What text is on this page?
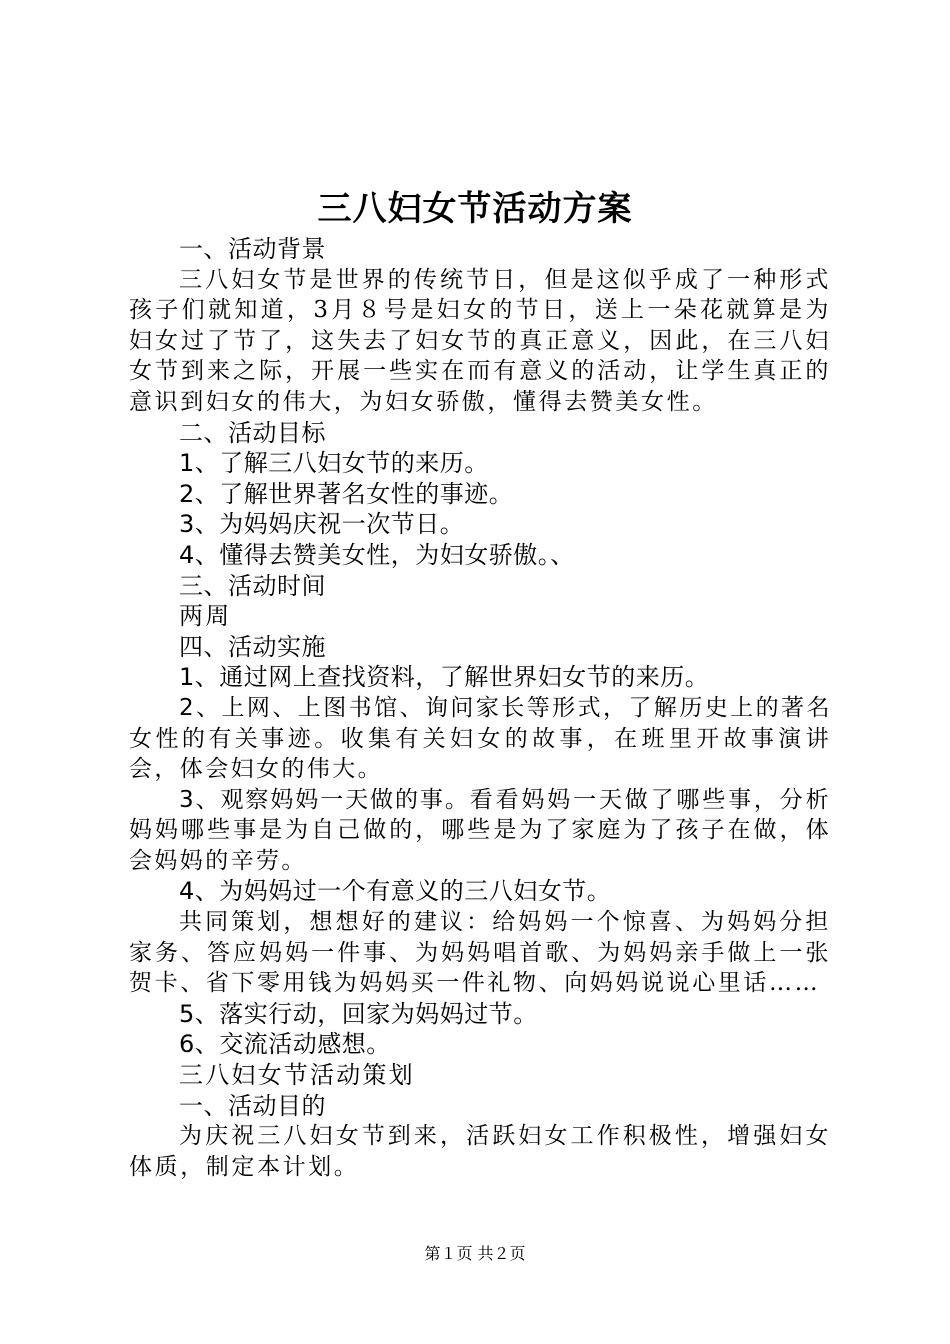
三八妇女节活动方案
一、活动背景
三八妇女节是世界的传统节日，但是这似乎成了一种形式孩子们就知道，3月８号是妇女的节日，送上一朵花就算是为妇女过了节了，这失去了妇女节的真正意义，因此，在三八妇女节到来之际，开展一些实在而有意义的活动，让学生真正的意识到妇女的伟大，为妇女骄傲，懂得去赞美女性。
二、活动目标
1、了解三八妇女节的来历。
2、了解世界著名女性的事迹。
3、为妈妈庆祝一次节日。
4、懂得去赞美女性，为妇女骄傲。、
三、活动时间
两周
四、活动实施
1、通过网上查找资料，了解世界妇女节的来历。
2、上网、上图书馆、询问家长等形式，了解历史上的著名女性的有关事迹。收集有关妇女的故事，在班里开故事演讲会，体会妇女的伟大。
3、观察妈妈一天做的事。看看妈妈一天做了哪些事，分析妈妈哪些事是为自己做的，哪些是为了家庭为了孩子在做，体会妈妈的辛劳。
4、为妈妈过一个有意义的三八妇女节。
共同策划，想想好的建议：给妈妈一个惊喜、为妈妈分担家务、答应妈妈一件事、为妈妈唱首歌、为妈妈亲手做上一张贺卡、省下零用钱为妈妈买一件礼物、向妈妈说说心里话……
5、落实行动，回家为妈妈过节。
6、交流活动感想。
三八妇女节活动策划
一、活动目的
为庆祝三八妇女节到来，活跃妇女工作积极性，增强妇女体质，制定本计划。
第１页 共２页
